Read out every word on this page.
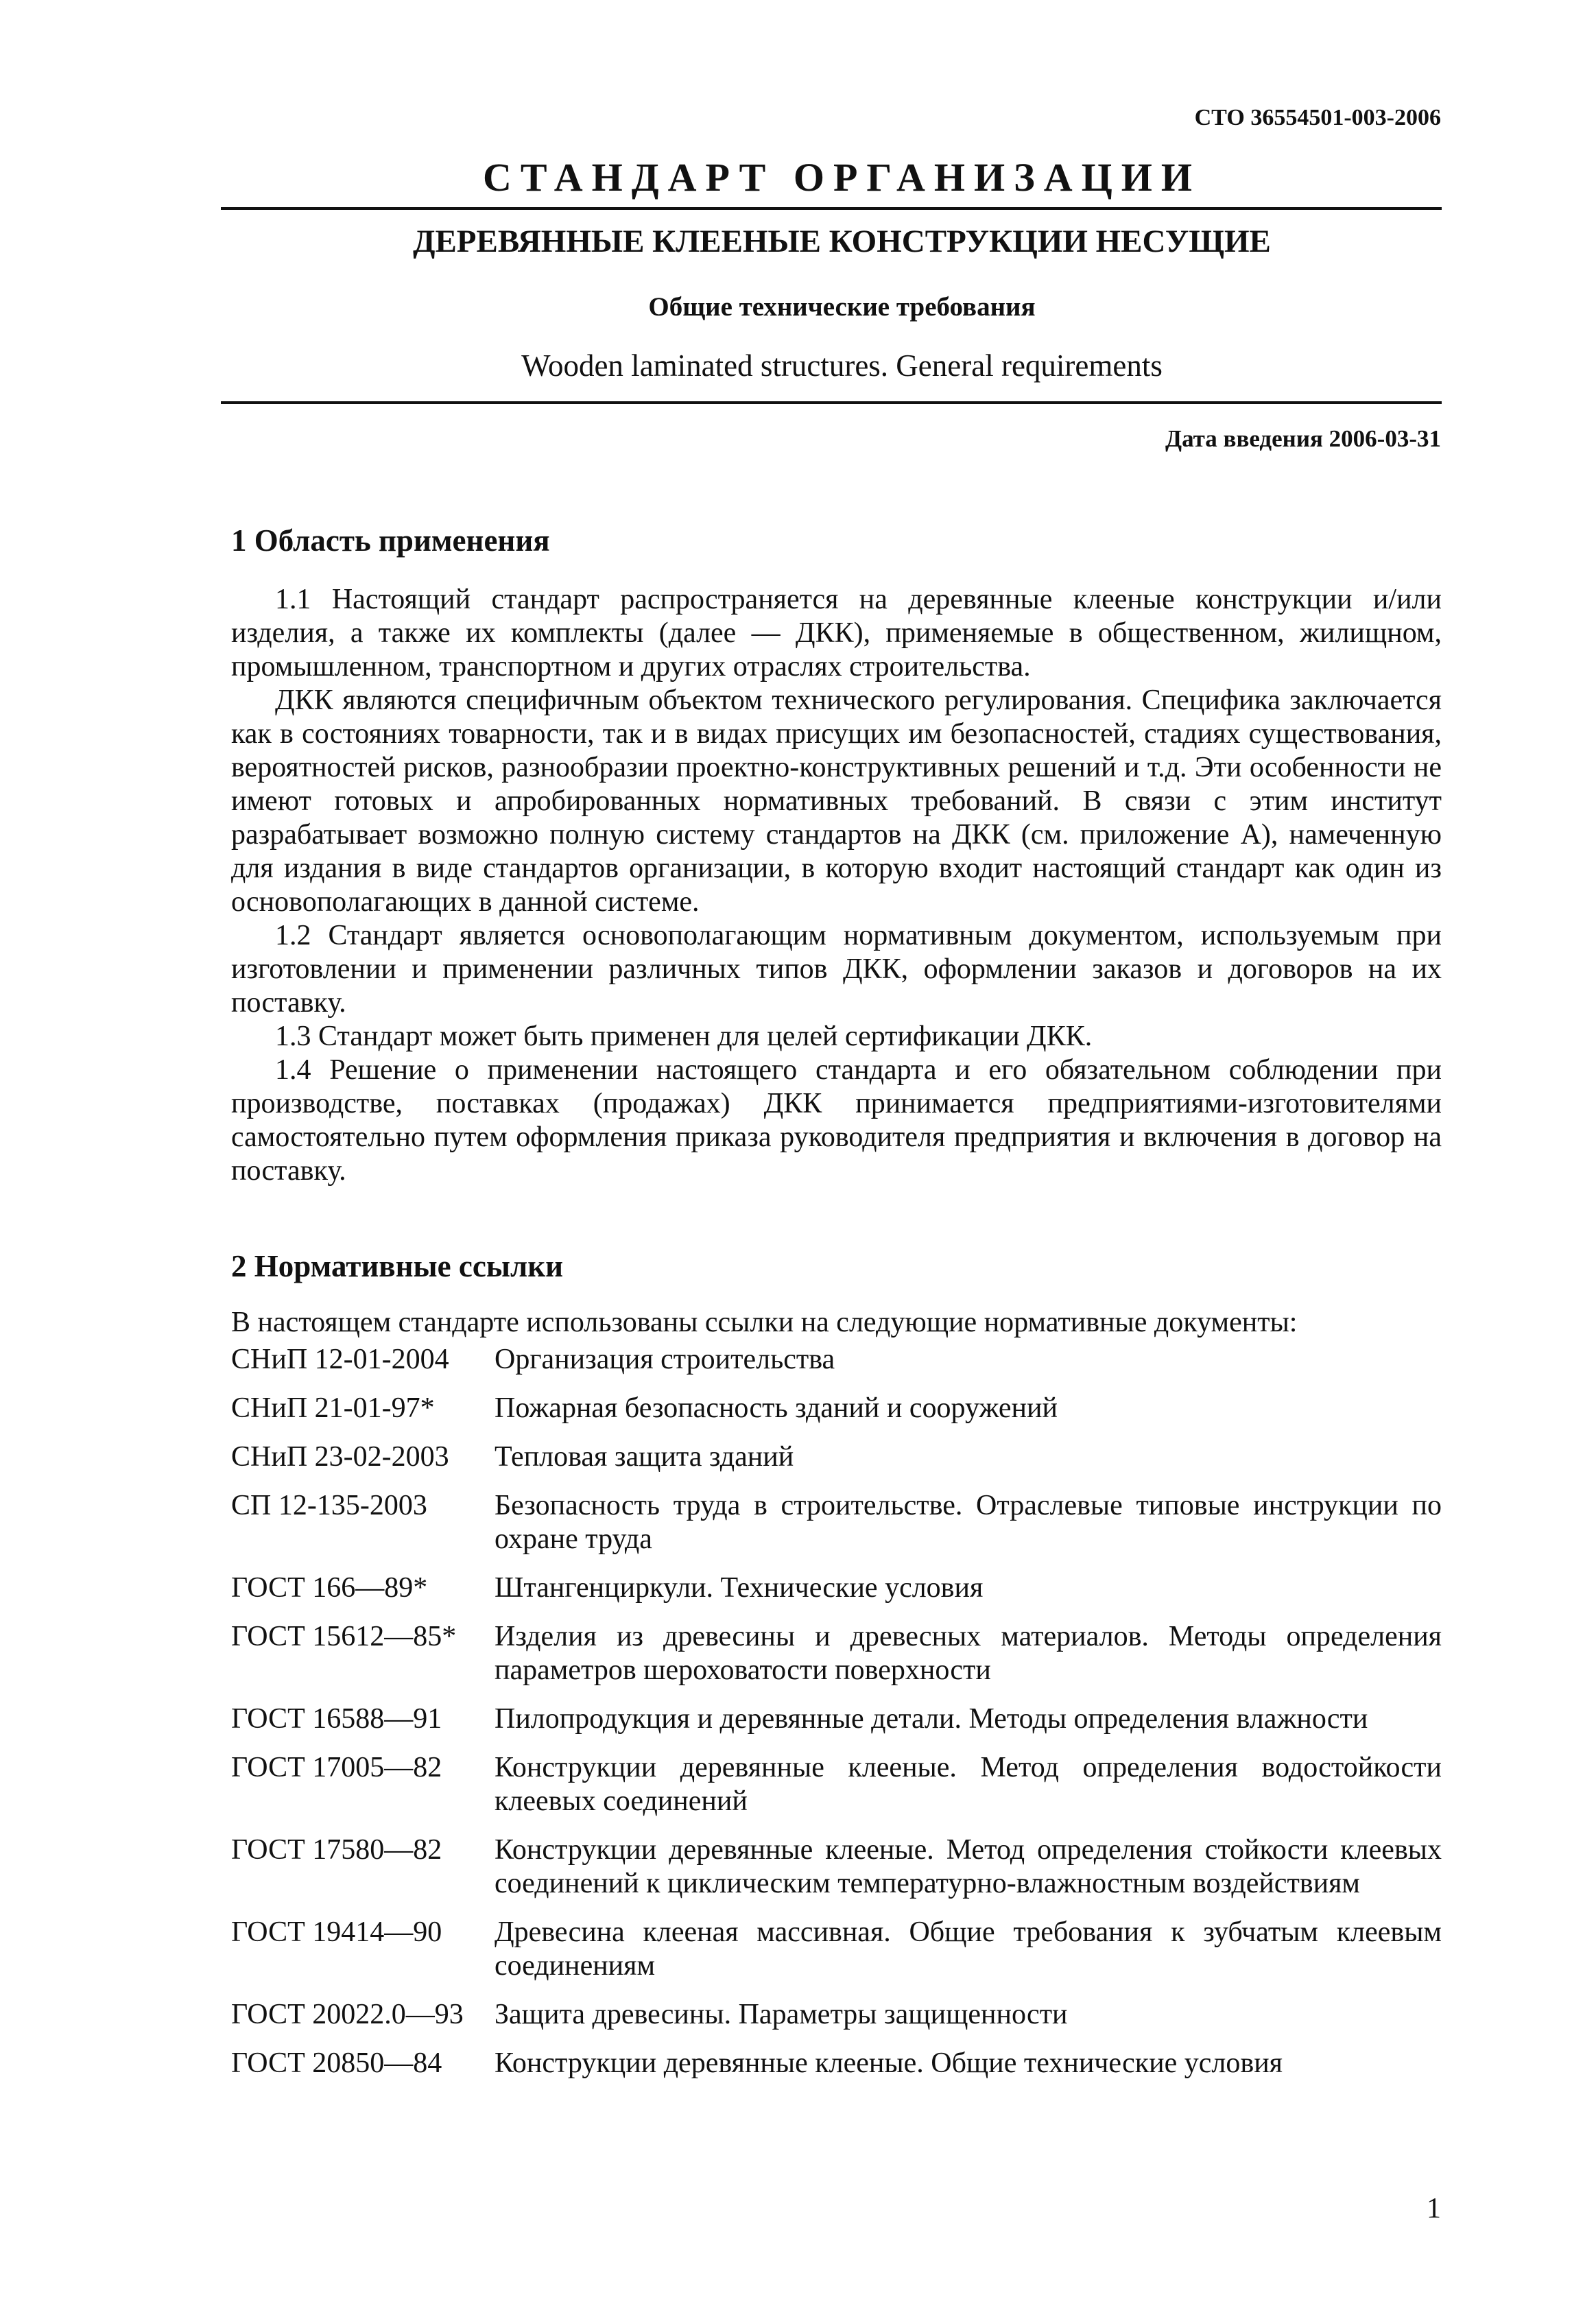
СТО 36554501-003-2006
СТАНДАРТ ОРГАНИЗАЦИИ
ДЕРЕВЯННЫЕ КЛЕЕНЫЕ КОНСТРУКЦИИ НЕСУЩИЕ
Общие технические требования
Wooden laminated structures. General requirements
Дата введения 2006-03-31
1 Область применения

1.1 Настоящий стандарт распространяется на деревянные клееные конструкции и/или изделия, а также их комплекты (далее — ДКК), применяемые в общественном, жилищном, промышленном, транспортном и других отраслях строительства.

ДКК являются специфичным объектом технического регулирования. Специфика заключается как в состояниях товарности, так и в видах присущих им безопасностей, стадиях существования, вероятностей рисков, разнообразии проектно-конструктивных решений и т.д. Эти особенности не имеют готовых и апробированных нормативных требований. В связи с этим институт разрабатывает возможно полную систему стандартов на ДКК (см. приложение А), намеченную для издания в виде стандартов организации, в которую входит настоящий стандарт как один из основополагающих в данной системе.

1.2 Стандарт является основополагающим нормативным документом, используемым при изготовлении и применении различных типов ДКК, оформлении заказов и договоров на их поставку.

1.3 Стандарт может быть применен для целей сертификации ДКК.

1.4 Решение о применении настоящего стандарта и его обязательном соблюдении при производстве, поставках (продажах) ДКК принимается предприятиями-изготовителями самостоятельно путем оформления приказа руководителя предприятия и включения в договор на поставку.

2 Нормативные ссылки
В настоящем стандарте использованы ссылки на следующие нормативные документы:
СНиП 12-01-2004	Организация строительства
СНиП 21-01-97*	Пожарная безопасность зданий и сооружений
СНиП 23-02-2003	Тепловая защита зданий
СП 12-135-2003	Безопасность труда в строительстве. Отраслевые типовые инструкции по охране труда
ГОСТ 166—89*	Штангенциркули. Технические условия
ГОСТ 15612—85*	Изделия из древесины и древесных материалов. Методы определения параметров шероховатости поверхности
ГОСТ 16588—91	Пилопродукция и деревянные детали. Методы определения влажности
ГОСТ 17005—82	Конструкции деревянные клееные. Метод определения водостойкости клеевых соединений
ГОСТ 17580—82	Конструкции деревянные клееные. Метод определения стойкости клеевых соединений к циклическим температурно-влажностным воздействиям
ГОСТ 19414—90	Древесина клееная массивная. Общие требования к зубчатым клеевым соединениям
ГОСТ 20022.0—93	Защита древесины. Параметры защищенности
ГОСТ 20850—84	Конструкции деревянные клееные. Общие технические условия
1
